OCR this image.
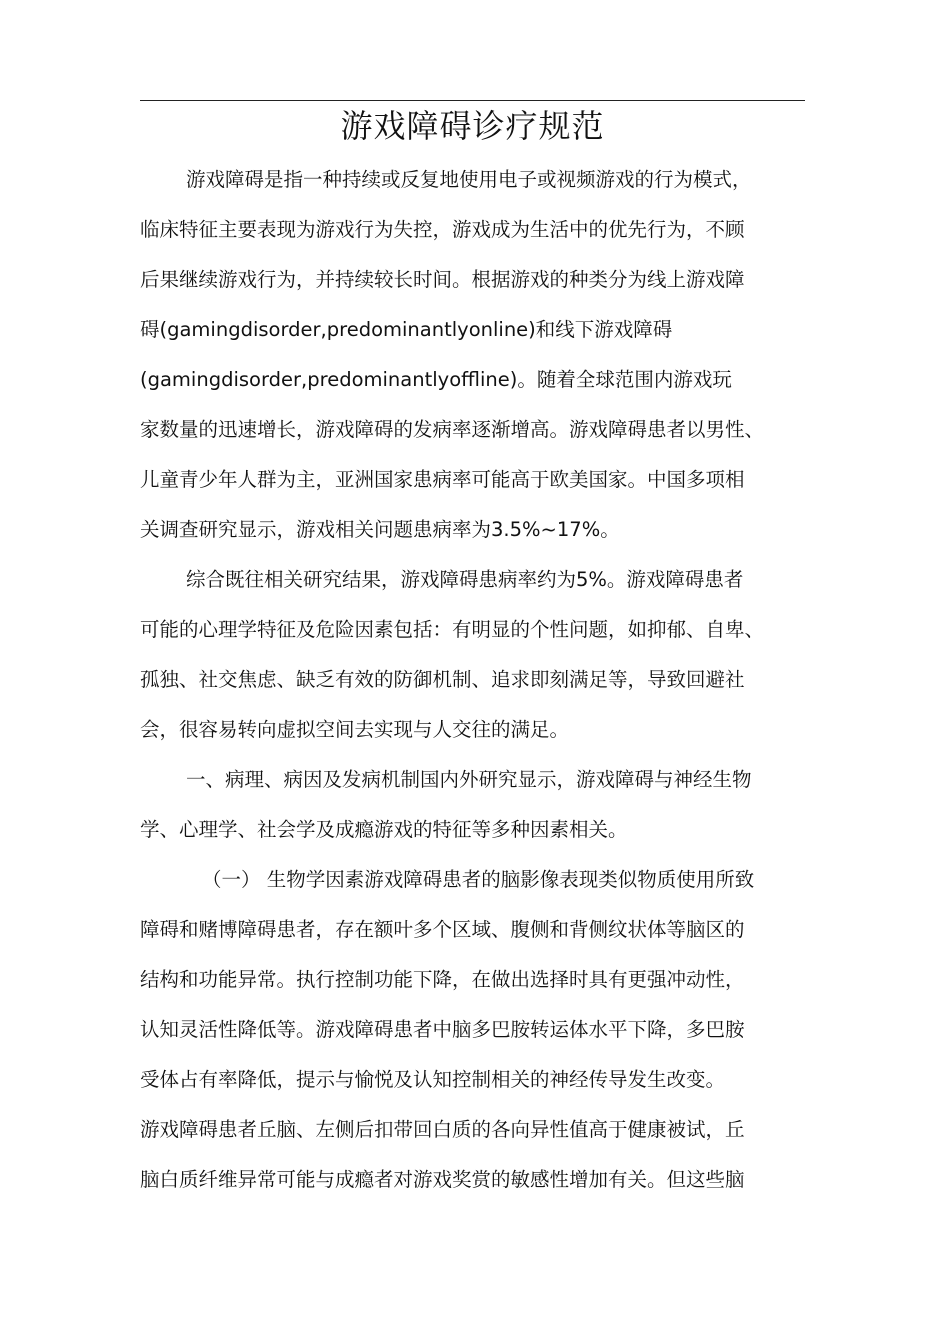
游戏障碍诊疗规范
游戏障碍是指一种持续或反复地使用电子或视频游戏的行为模式，
临床特征主要表现为游戏行为失控，游戏成为生活中的优先行为，不顾
后果继续游戏行为，并持续较长时间。根据游戏的种类分为线上游戏障
碍(gamingdisorder,predominantlyonline)和线下游戏障碍
(gamingdisorder,predominantlyoffline)。随着全球范围内游戏玩
家数量的迅速增长，游戏障碍的发病率逐渐增高。游戏障碍患者以男性、
儿童青少年人群为主，亚洲国家患病率可能高于欧美国家。中国多项相
关调查研究显示，游戏相关问题患病率为3.5%~17%。
综合既往相关研究结果，游戏障碍患病率约为5%。游戏障碍患者
可能的心理学特征及危险因素包括：有明显的个性问题，如抑郁、自卑、
孤独、社交焦虑、缺乏有效的防御机制、追求即刻满足等，导致回避社
会，很容易转向虚拟空间去实现与人交往的满足。
一、病理、病因及发病机制国内外研究显示，游戏障碍与神经生物
学、心理学、社会学及成瘾游戏的特征等多种因素相关。
（一） 生物学因素游戏障碍患者的脑影像表现类似物质使用所致
障碍和赌博障碍患者，存在额叶多个区域、腹侧和背侧纹状体等脑区的
结构和功能异常。执行控制功能下降，在做出选择时具有更强冲动性，
认知灵活性降低等。游戏障碍患者中脑多巴胺转运体水平下降，多巴胺
受体占有率降低，提示与愉悦及认知控制相关的神经传导发生改变。
游戏障碍患者丘脑、左侧后扣带回白质的各向异性值高于健康被试，丘
脑白质纤维异常可能与成瘾者对游戏奖赏的敏感性增加有关。但这些脑
